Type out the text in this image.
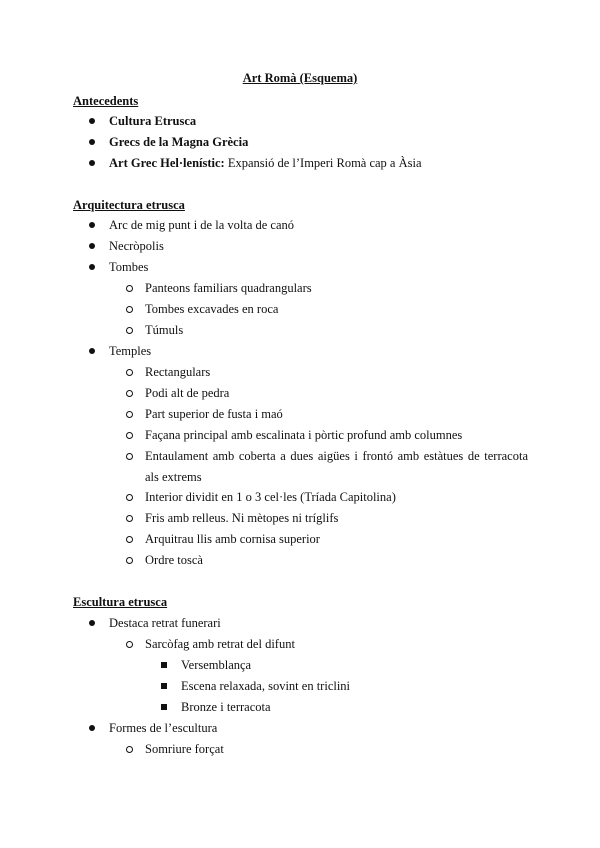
Art Romà (Esquema)
Antecedents
Cultura Etrusca
Grecs de la Magna Grècia
Art Grec Hel·lenístic: Expansió de l’Imperi Romà cap a Àsia
Arquitectura etrusca
Arc de mig punt i de la volta de canó
Necròpolis
Tombes
Panteons familiars quadrangulars
Tombes excavades en roca
Túmuls
Temples
Rectangulars
Podi alt de pedra
Part superior de fusta i maó
Façana principal amb escalinata i pòrtic profund amb columnes
Entaulament amb coberta a dues aigües i frontó amb estàtues de terracota als extrems
Interior dividit en 1 o 3 cel·les (Tríada Capitolina)
Fris amb relleus. Ni mètopes ni tríglifs
Arquitrau llis amb cornisa superior
Ordre toscà
Escultura etrusca
Destaca retrat funerari
Sarcòfag amb retrat del difunt
Versemblança
Escena relaxada, sovint en triclini
Bronze i terracota
Formes de l’escultura
Somriure forçat
